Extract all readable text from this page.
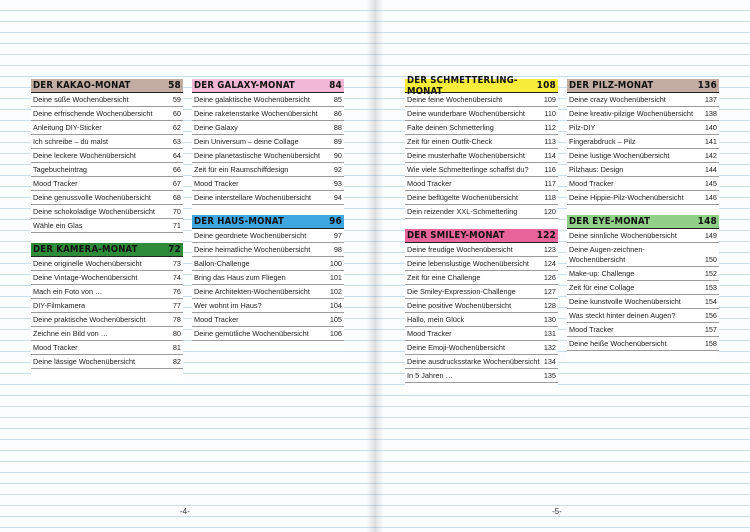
DER KAKAO-MONAT	58
Deine süße Wochenübersicht	59
Deine erfrischende Wochenübersicht	60
Anleitung DIY-Sticker	62
Ich schreibe – du malst	63
Deine leckere Wochenübersicht	64
Tagebucheintrag	66
Mood Tracker	67
Deine genussvolle Wochenübersicht	68
Deine schokoladige Wochenübersicht	70
Wähle ein Glas	71
DER KAMERA-MONAT	72
Deine originelle Wochenübersicht	73
Deine Vintage-Wochenübersicht	74
Mach ein Foto von …	76
DIY-Filmkamera	77
Deine praktische Wochenübersicht	78
Zeichne ein Bild von …	80
Mood Tracker	81
Deine lässige Wochenübersicht	82
DER GALAXY-MONAT	84
Deine galaktische Wochenübersicht	85
Deine raketenstarke Wochenübersicht	86
Deine Galaxy	88
Dein Universum – deine Collage	89
Deine planetastische Wochenübersicht	90
Zeit für ein Raumschiffdesign	92
Mood Tracker	93
Deine interstellare Wochenübersicht	94
DER HAUS-MONAT	96
Deine geordnete Wochenübersicht	97
Deine heimatliche Wochenübersicht	98
Ballon-Challenge	100
Bring das Haus zum Fliegen	101
Deine Architekten-Wochenübersicht	102
Wer wohnt im Haus?	104
Mood Tracker	105
Deine gemütliche Wochenübersicht	106
DER SCHMETTERLING-MONAT	108
Deine feine Wochenübersicht	109
Deine wunderbare Wochenübersicht	110
Falte deinen Schmetterling	112
Zeit für einen Outfit-Check	113
Deine musterhafte Wochenübersicht	114
Wie viele Schmetterlinge schaffst du?	116
Mood Tracker	117
Deine beflügelte Wochenübersicht	118
Dein reizender XXL-Schmetterling	120
DER SMILEY-MONAT	122
Deine freudige Wochenübersicht	123
Deine lebenslustige Wochenübersicht	124
Zeit für eine Challenge	126
Die Smiley-Expression-Challenge	127
Deine positive Wochenübersicht	128
Hallo, mein Glück	130
Mood Tracker	131
Deine Emoji-Wochenübersicht	132
Deine ausdrucksstarke Wochenübersicht 134
In 5 Jahren …	135
DER PILZ-MONAT	136
Deine crazy Wochenübersicht	137
Deine kreativ-pilzige Wochenübersicht	138
Pilz-DIY	140
Fingerabdruck – Pilz	141
Deine lustige Wochenübersicht	142
Pilzhaus: Design	144
Mood Tracker	145
Deine Hippie-Pilz-Wochenübersicht	146
DER EYE-MONAT	148
Deine sinnliche Wochenübersicht	149
Deine Augen-zeichnen-Wochenübersicht	150
Make-up: Challenge	152
Zeit für eine Collage	153
Deine kunstvolle Wochenübersicht	154
Was steckt hinter deinen Augen?	156
Mood Tracker	157
Deine heiße Wochenübersicht	158
-4-	-5-
